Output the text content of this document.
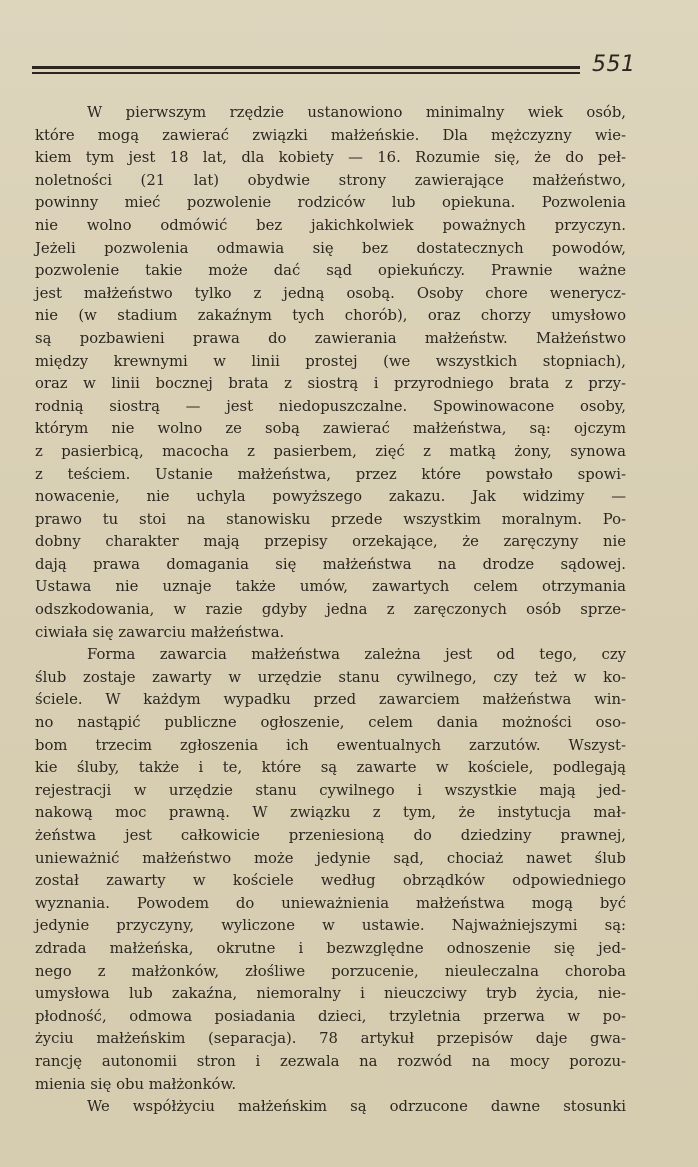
551
W pierwszym rzędzie ustanowiono minimalny wiek osób,
które mogą zawierać związki małżeńskie. Dla mężczyzny wie-
kiem tym jest 18 lat, dla kobiety — 16. Rozumie się, że do peł-
noletności (21 lat) obydwie strony zawierające małżeństwo,
powinny mieć pozwolenie rodziców lub opiekuna. Pozwolenia
nie wolno odmówić bez jakichkolwiek poważnych przyczyn.
Jeżeli pozwolenia odmawia się bez dostatecznych powodów,
pozwolenie takie może dać sąd opiekuńczy. Prawnie ważne
jest małżeństwo tylko z jedną osobą. Osoby chore wenerycz-
nie (w stadium zakaźnym tych chorób), oraz chorzy umysłowo
są pozbawieni prawa do zawierania małżeństw. Małżeństwo
między krewnymi w linii prostej (we wszystkich stopniach),
oraz w linii bocznej brata z siostrą i przyrodniego brata z przy-
rodnią siostrą — jest niedopuszczalne. Spowinowacone osoby,
którym nie wolno ze sobą zawierać małżeństwa, są: ojczym
z pasierbicą, macocha z pasierbem, zięć z matką żony, synowa
z teściem. Ustanie małżeństwa, przez które powstało spowi-
nowacenie, nie uchyla powyższego zakazu. Jak widzimy —
prawo tu stoi na stanowisku przede wszystkim moralnym. Po-
dobny charakter mają przepisy orzekające, że zaręczyny nie
dają prawa domagania się małżeństwa na drodze sądowej.
Ustawa nie uznaje także umów, zawartych celem otrzymania
odszkodowania, w razie gdyby jedna z zaręczonych osób sprze-
ciwiała się zawarciu małżeństwa.
Forma zawarcia małżeństwa zależna jest od tego, czy
ślub zostaje zawarty w urzędzie stanu cywilnego, czy też w ko-
ściele. W każdym wypadku przed zawarciem małżeństwa win-
no nastąpić publiczne ogłoszenie, celem dania możności oso-
bom trzecim zgłoszenia ich ewentualnych zarzutów. Wszyst-
kie śluby, także i te, które są zawarte w kościele, podlegają
rejestracji w urzędzie stanu cywilnego i wszystkie mają jed-
nakową moc prawną. W związku z tym, że instytucja mał-
żeństwa jest całkowicie przeniesioną do dziedziny prawnej,
unieważnić małżeństwo może jedynie sąd, chociaż nawet ślub
został zawarty w kościele według obrządków odpowiedniego
wyznania. Powodem do unieważnienia małżeństwa mogą być
jedynie przyczyny, wyliczone w ustawie. Najważniejszymi są:
zdrada małżeńska, okrutne i bezwzględne odnoszenie się jed-
nego z małżonków, złośliwe porzucenie, nieuleczalna choroba
umysłowa lub zakaźna, niemoralny i nieuczciwy tryb życia, nie-
płodność, odmowa posiadania dzieci, trzyletnia przerwa w po-
życiu małżeńskim (separacja). 78 artykuł przepisów daje gwa-
rancję autonomii stron i zezwala na rozwód na mocy porozu-
mienia się obu małżonków.
We współżyciu małżeńskim są odrzucone dawne stosunki
